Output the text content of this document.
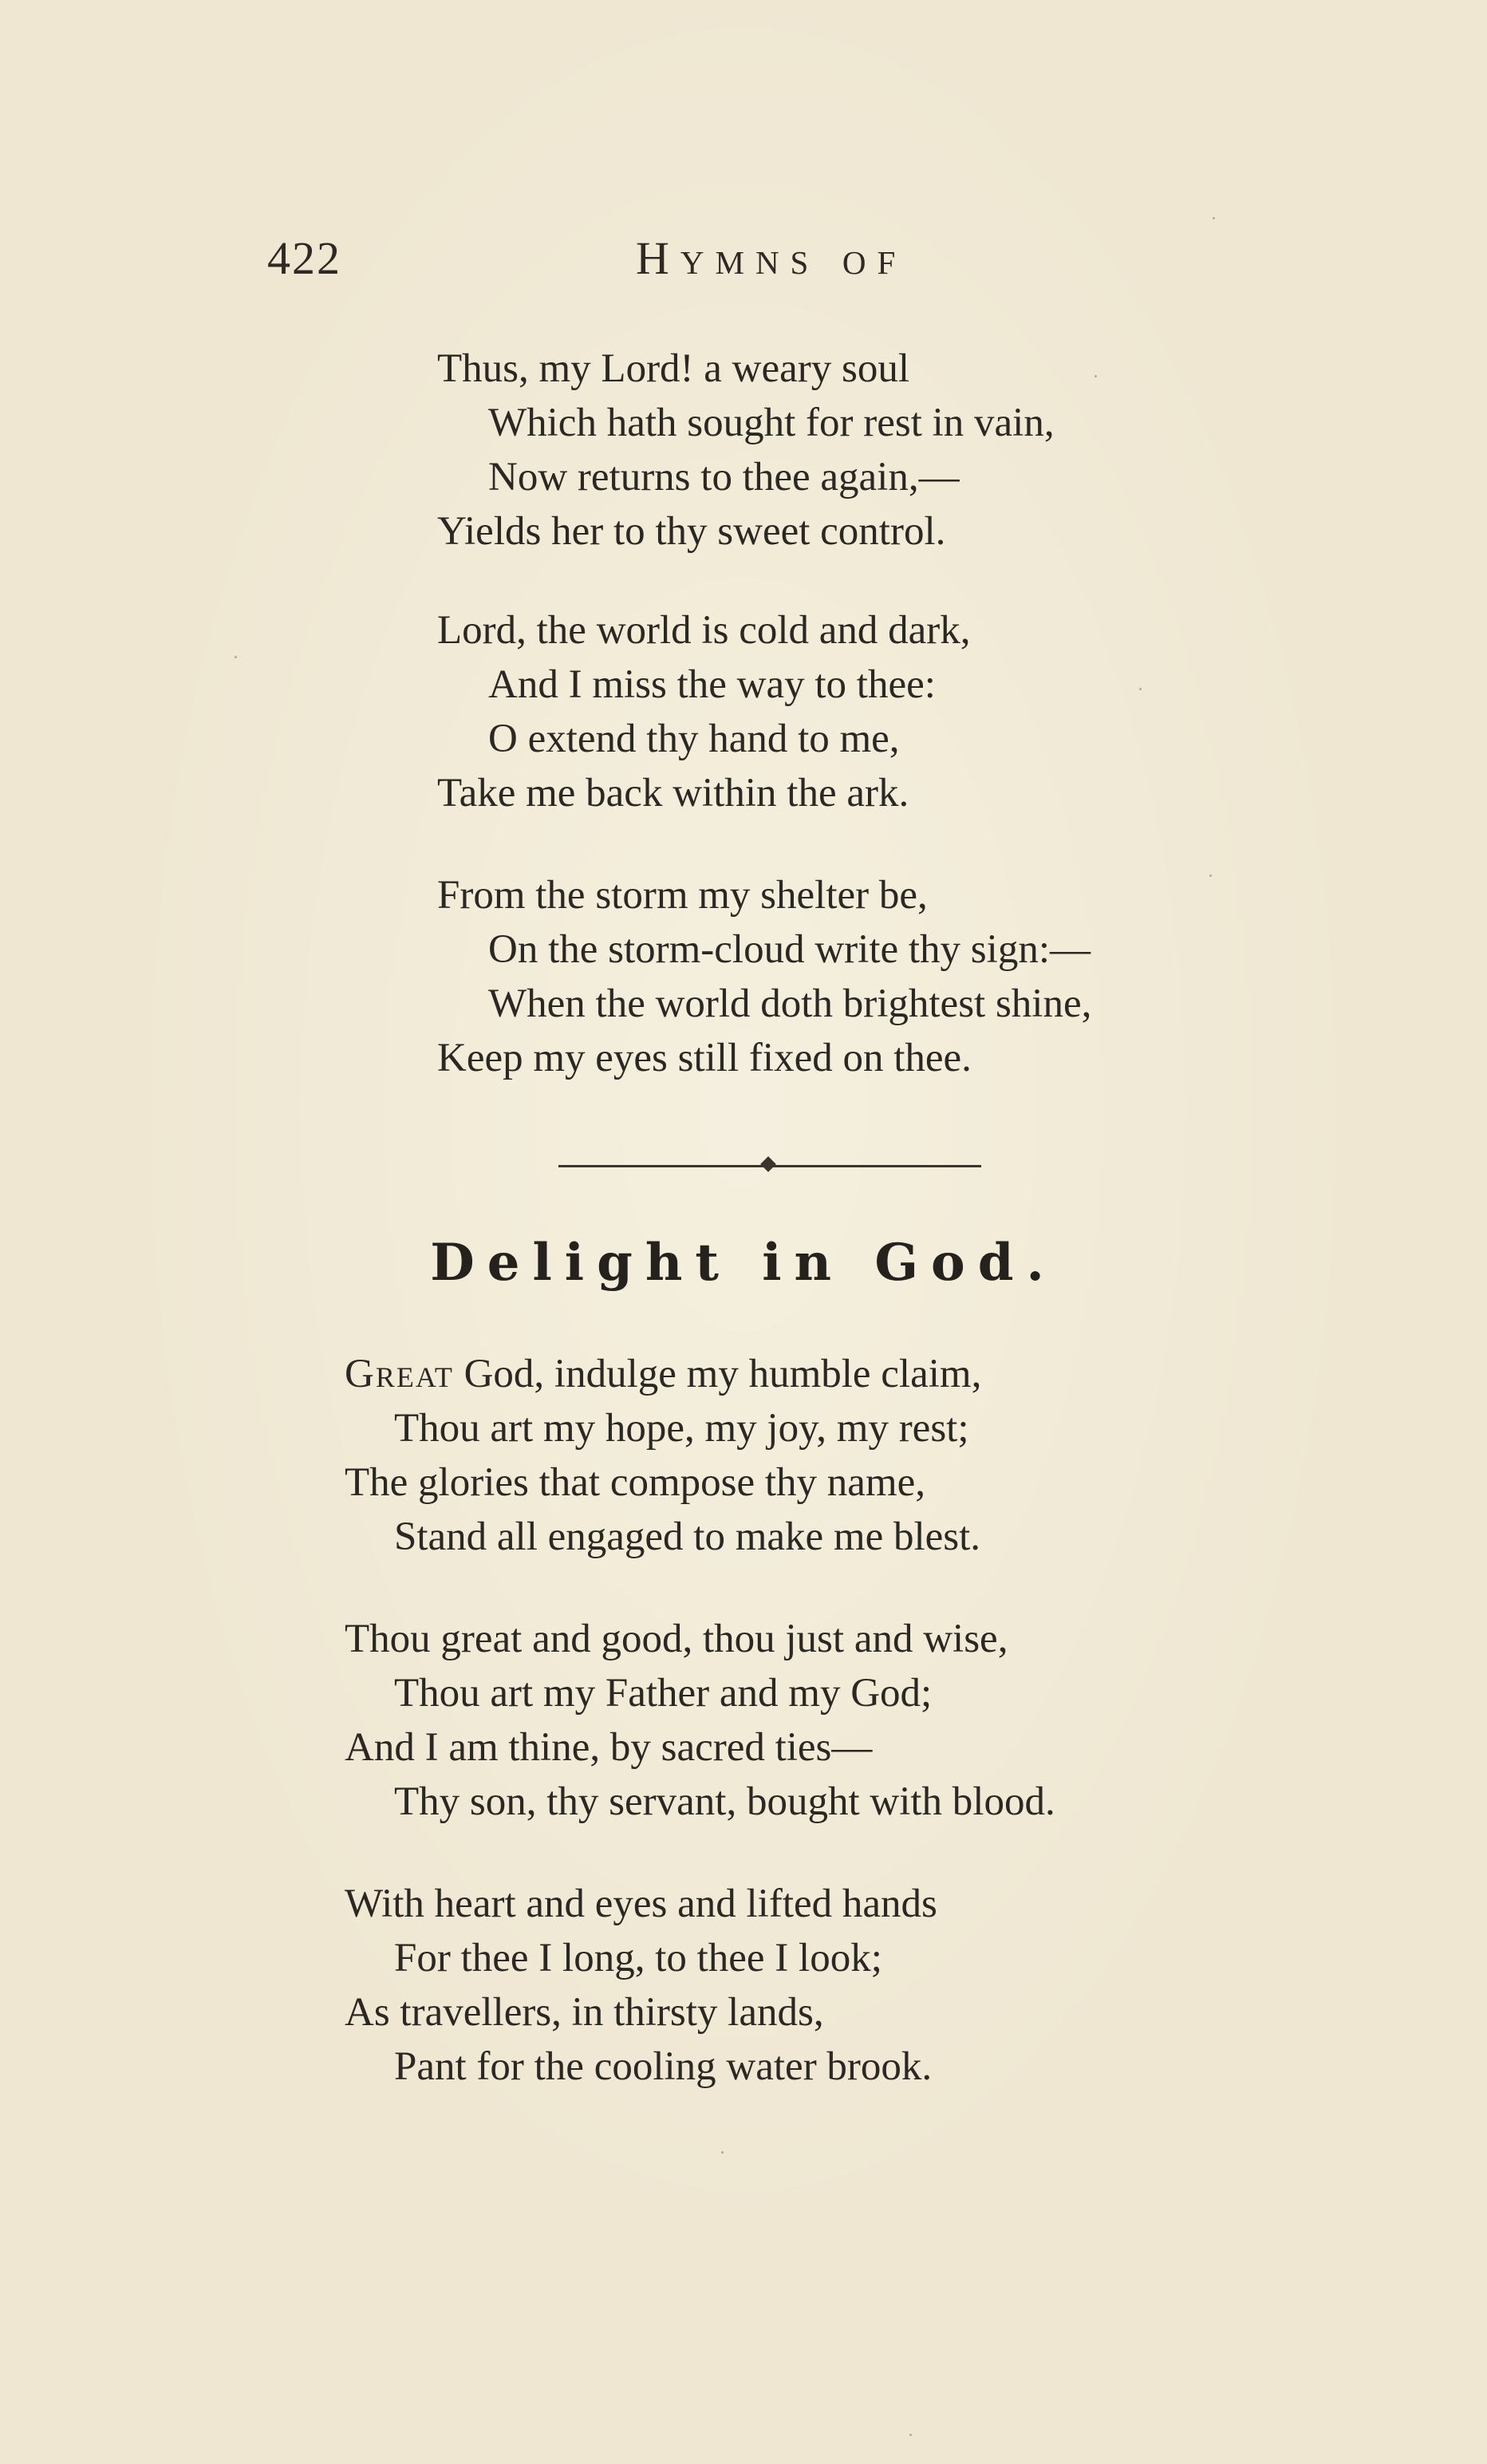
422	Hymns of
Thus, my Lord! a weary soul
Which hath sought for rest in vain,
Now returns to thee again,—
Yields her to thy sweet control.
Lord, the world is cold and dark,
And I miss the way to thee:
O extend thy hand to me,
Take me back within the ark.
From the storm my shelter be,
On the storm-cloud write thy sign:—
When the world doth brightest shine,
Keep my eyes still fixed on thee.
Delight in God.
Great God, indulge my humble claim,
Thou art my hope, my joy, my rest;
The glories that compose thy name,
Stand all engaged to make me blest.
Thou great and good, thou just and wise,
Thou art my Father and my God;
And I am thine, by sacred ties—
Thy son, thy servant, bought with blood.
With heart and eyes and lifted hands
For thee I long, to thee I look;
As travellers, in thirsty lands,
Pant for the cooling water brook.
